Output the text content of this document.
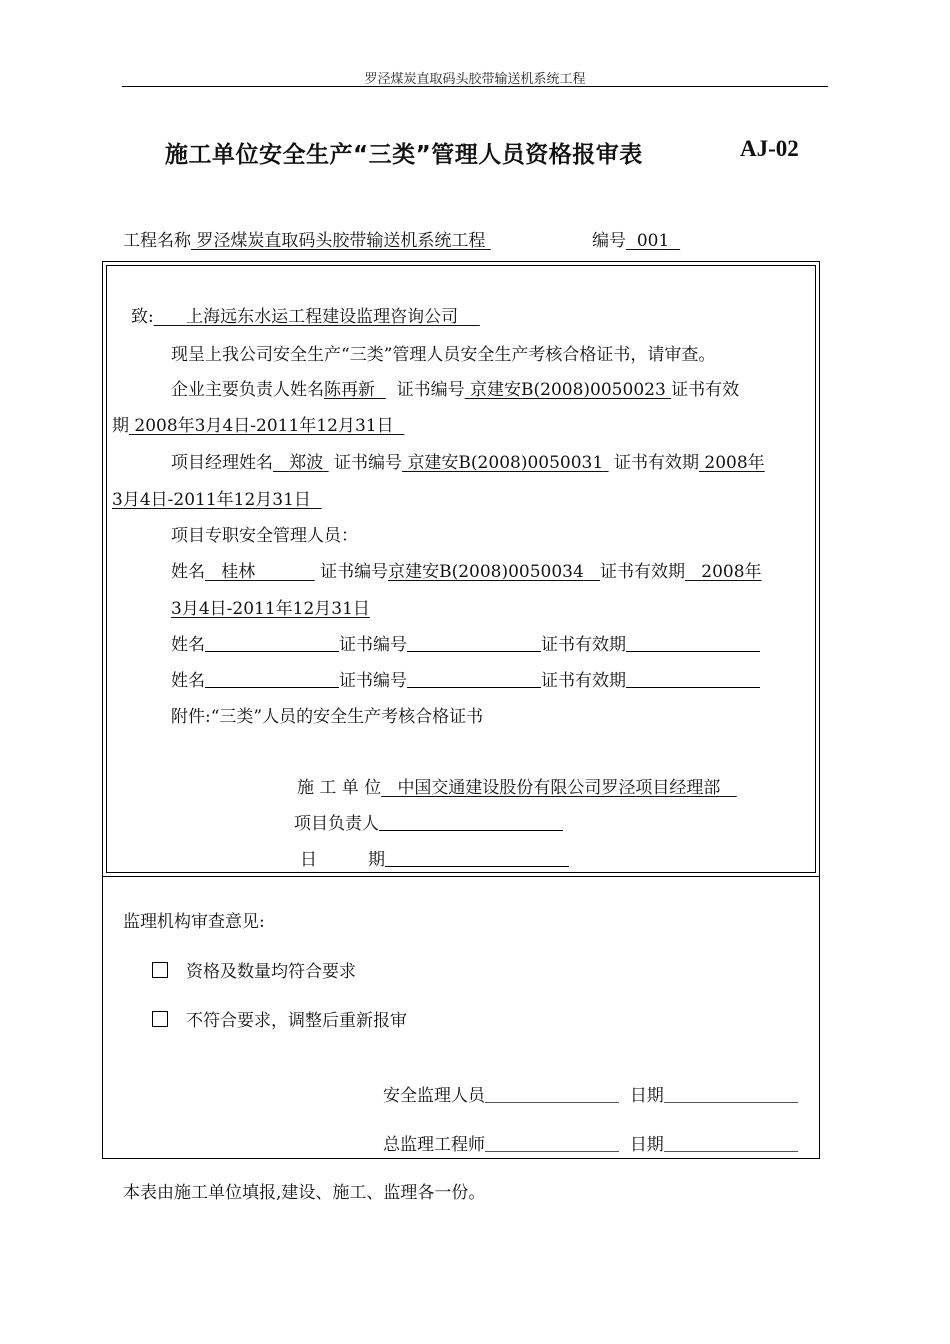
罗泾煤炭直取码头胶带输送机系统工程
施工单位安全生产“三类”管理人员资格报审表	AJ-02
工程名称 罗泾煤炭直取码头胶带输送机系统工程	编号 001
致: 上海远东水运工程建设监理咨询公司
现呈上我公司安全生产“三类”管理人员安全生产考核合格证书，请审查。
企业主要负责人姓名陈再新 证书编号 京建安B(2008)0050023 证书有效
期 2008年3月4日-2011年12月31日
项目经理姓名 郑波 证书编号 京建安B(2008)0050031 证书有效期 2008年
3月4日-2011年12月31日
项目专职安全管理人员：
姓名 桂林	证书编号京建安B(2008)0050034 证书有效期 2008年
3月4日-2011年12月31日
姓名	证书编号	证书有效期
姓名	证书编号	证书有效期
附件:“三类”人员的安全生产考核合格证书
施 工 单 位 中国交通建设股份有限公司罗泾项目经理部
项目负责人
日　　　期
监理机构审查意见:
资格及数量均符合要求
不符合要求，调整后重新报审
安全监理人员	日期
总监理工程师	日期
本表由施工单位填报,建设、施工、监理各一份。
